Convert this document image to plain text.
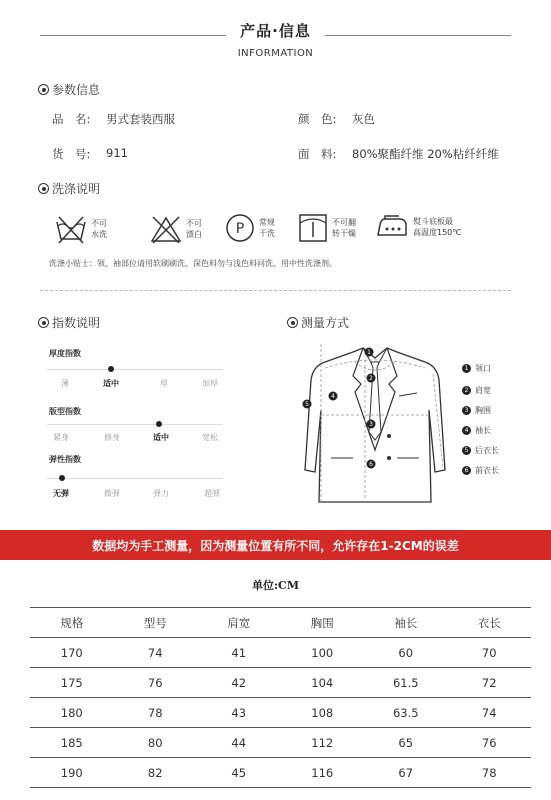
产品·信息
INFORMATION
参数信息
品　名: 男式套装西服	颜　色: 灰色
货　号: 911	面　料: 80%聚酯纤维 20%粘纤纤维
洗涤说明
不可
水洗
不可
漂白 P 常规
干洗
不可翻
转干燥
熨斗底板最
高温度150℃
洗涤小贴士：领、袖部位请用软刷刷洗，深色料勿与浅色料同洗，用中性洗涤剂。
指数说明
厚度指数
薄	适中	厚	加厚
版型指数
紧身	修身	适中	宽松
弹性指数
无弹	微弹	弹力	超弹
测量方式
1
2
3
4
6
5
1 领口
2 肩宽
3 胸围
4 袖长
5 后衣长
6 前衣长
数据均为手工测量，因为测量位置有所不同，允许存在1-2CM的误差
单位:CM
规格	型号	肩宽	胸围	袖长	衣长
170	74	41	100	60	70
175	76	42	104	61.5	72
180	78	43	108	63.5	74
185	80	44	112	65	76
190	82	45	116	67	78
